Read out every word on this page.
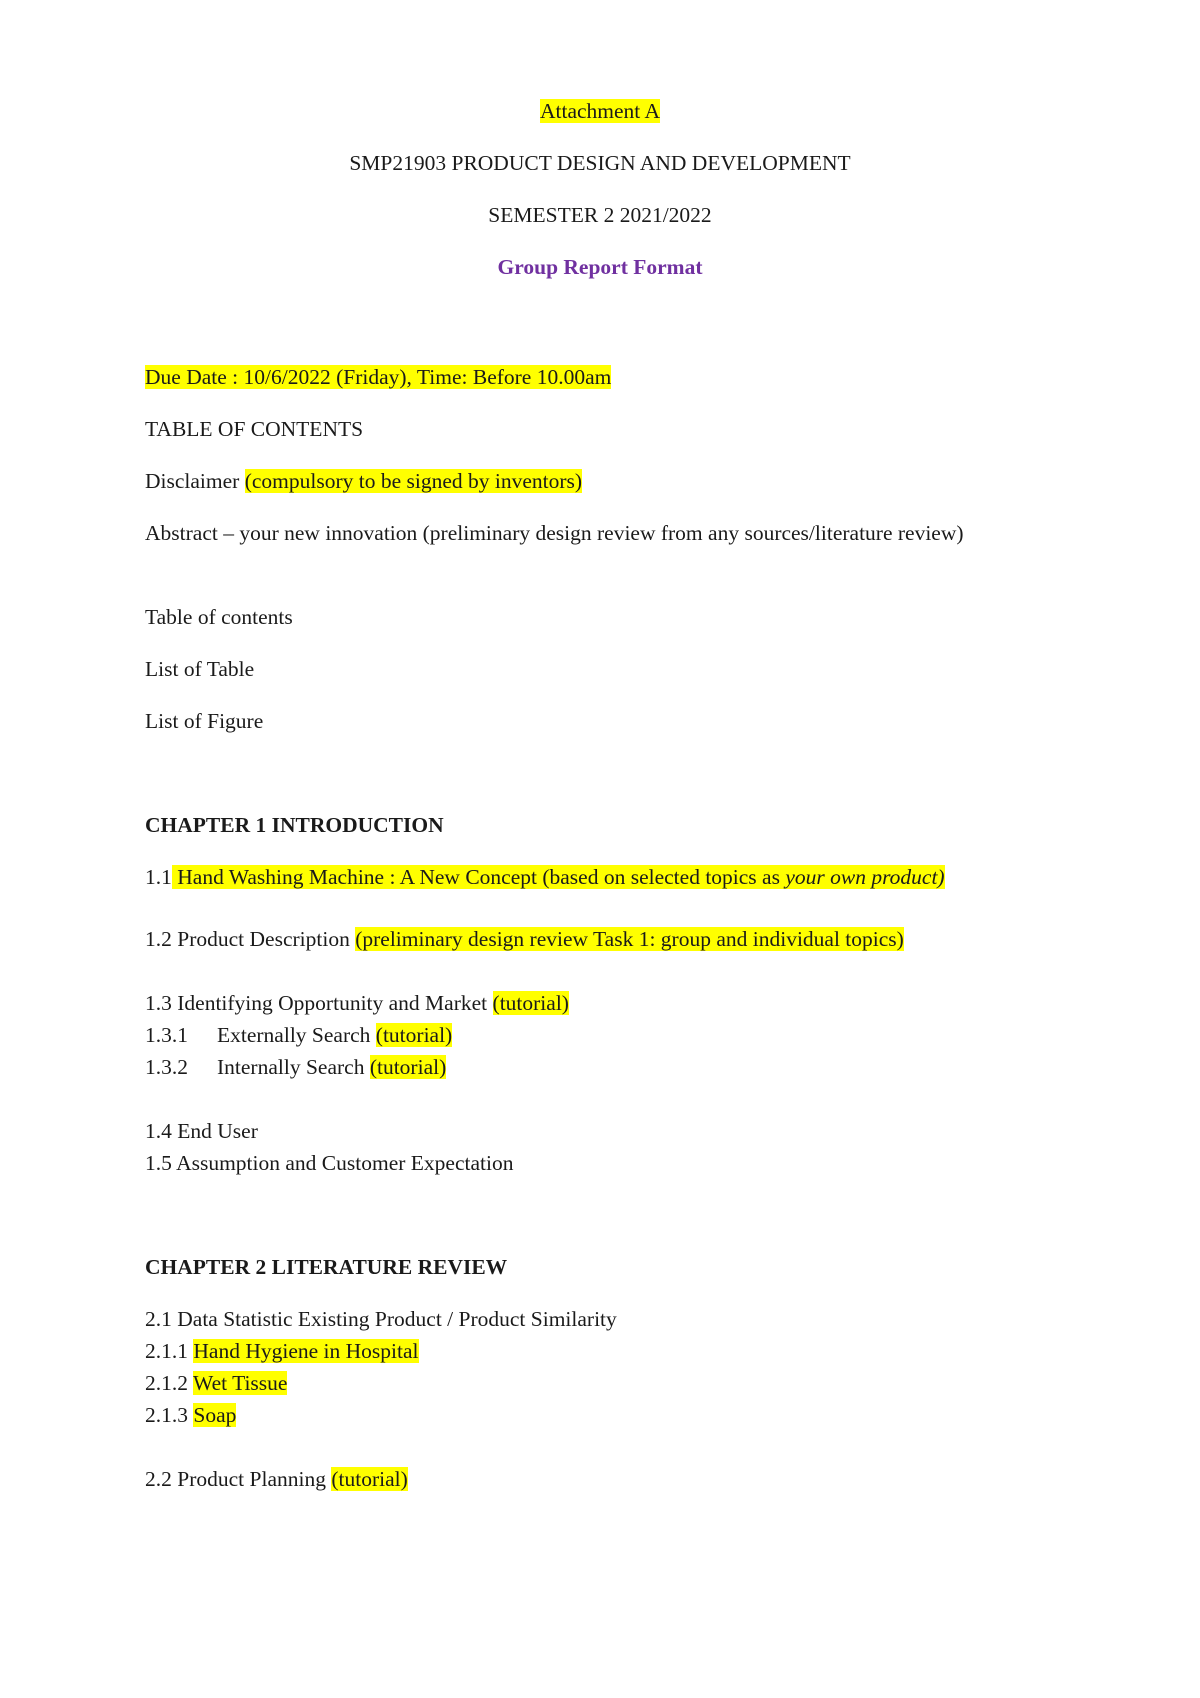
Attachment A
SMP21903 PRODUCT DESIGN AND DEVELOPMENT
SEMESTER 2 2021/2022
Group Report Format
Due Date : 10/6/2022 (Friday), Time: Before 10.00am
TABLE OF CONTENTS
Disclaimer (compulsory to be signed by inventors)
Abstract – your new innovation (preliminary design review from any sources/literature review)
Table of contents
List of Table
List of Figure
CHAPTER 1 INTRODUCTION
1.1 Hand Washing Machine : A New Concept (based on selected topics as your own product)
1.2 Product Description (preliminary design review Task 1: group and individual topics)
1.3 Identifying Opportunity and Market (tutorial)
1.3.1 Externally Search (tutorial)
1.3.2 Internally Search (tutorial)
1.4 End User
1.5 Assumption and Customer Expectation
CHAPTER 2 LITERATURE REVIEW
2.1 Data Statistic Existing Product / Product Similarity
2.1.1 Hand Hygiene in Hospital
2.1.2 Wet Tissue
2.1.3 Soap
2.2 Product Planning (tutorial)
